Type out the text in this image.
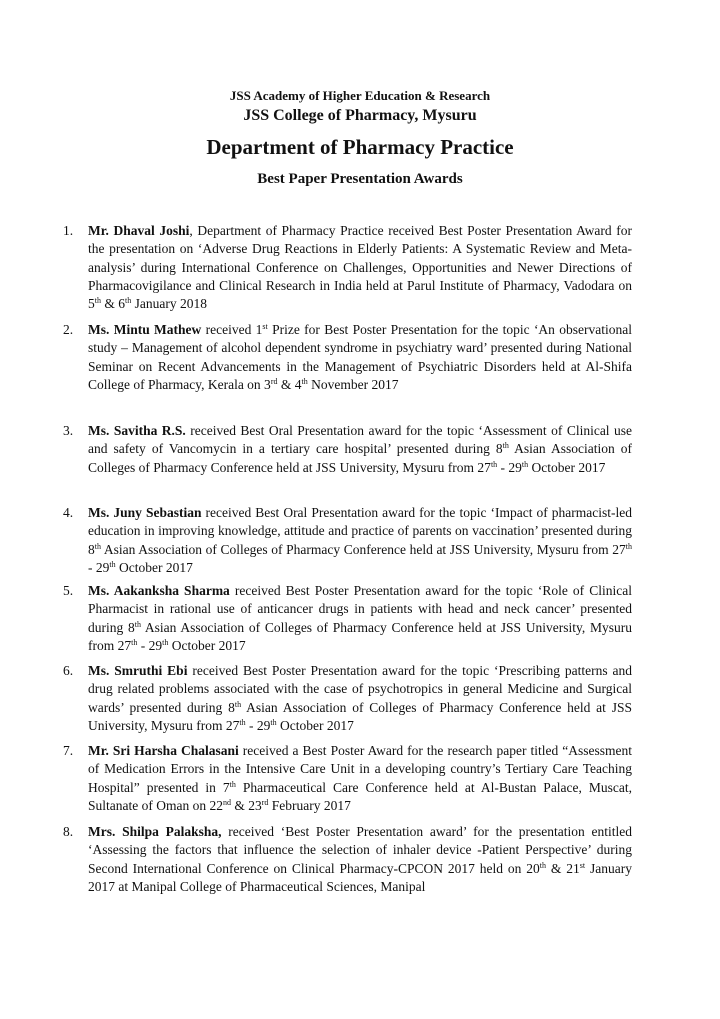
JSS Academy of Higher Education & Research
JSS College of Pharmacy, Mysuru
Department of Pharmacy Practice
Best Paper Presentation Awards
1. Mr. Dhaval Joshi, Department of Pharmacy Practice received Best Poster Presentation Award for the presentation on ‘Adverse Drug Reactions in Elderly Patients: A Systematic Review and Meta-analysis’ during International Conference on Challenges, Opportunities and Newer Directions of Pharmacovigilance and Clinical Research in India held at Parul Institute of Pharmacy, Vadodara on 5th & 6th January 2018

2. Ms. Mintu Mathew received 1st Prize for Best Poster Presentation for the topic ‘An observational study – Management of alcohol dependent syndrome in psychiatry ward’ presented during National Seminar on Recent Advancements in the Management of Psychiatric Disorders held at Al-Shifa College of Pharmacy, Kerala on 3rd & 4th November 2017

3. Ms. Savitha R.S. received Best Oral Presentation award for the topic ‘Assessment of Clinical use and safety of Vancomycin in a tertiary care hospital’ presented during 8th Asian Association of Colleges of Pharmacy Conference held at JSS University, Mysuru from 27th - 29th October 2017

4. Ms. Juny Sebastian received Best Oral Presentation award for the topic ‘Impact of pharmacist-led education in improving knowledge, attitude and practice of parents on vaccination’ presented during 8th Asian Association of Colleges of Pharmacy Conference held at JSS University, Mysuru from 27th - 29th October 2017

5. Ms. Aakanksha Sharma received Best Poster Presentation award for the topic ‘Role of Clinical Pharmacist in rational use of anticancer drugs in patients with head and neck cancer’ presented during 8th Asian Association of Colleges of Pharmacy Conference held at JSS University, Mysuru from 27th - 29th October 2017

6. Ms. Smruthi Ebi received Best Poster Presentation award for the topic ‘Prescribing patterns and drug related problems associated with the case of psychotropics in general Medicine and Surgical wards’ presented during 8th Asian Association of Colleges of Pharmacy Conference held at JSS University, Mysuru from 27th - 29th October 2017

7. Mr. Sri Harsha Chalasani received a Best Poster Award for the research paper titled “Assessment of Medication Errors in the Intensive Care Unit in a developing country’s Tertiary Care Teaching Hospital” presented in 7th Pharmaceutical Care Conference held at Al-Bustan Palace, Muscat, Sultanate of Oman on 22nd & 23rd February 2017

8. Mrs. Shilpa Palaksha, received ‘Best Poster Presentation award’ for the presentation entitled ‘Assessing the factors that influence the selection of inhaler device -Patient Perspective’ during Second International Conference on Clinical Pharmacy-CPCON 2017 held on 20th & 21st January 2017 at Manipal College of Pharmaceutical Sciences, Manipal
